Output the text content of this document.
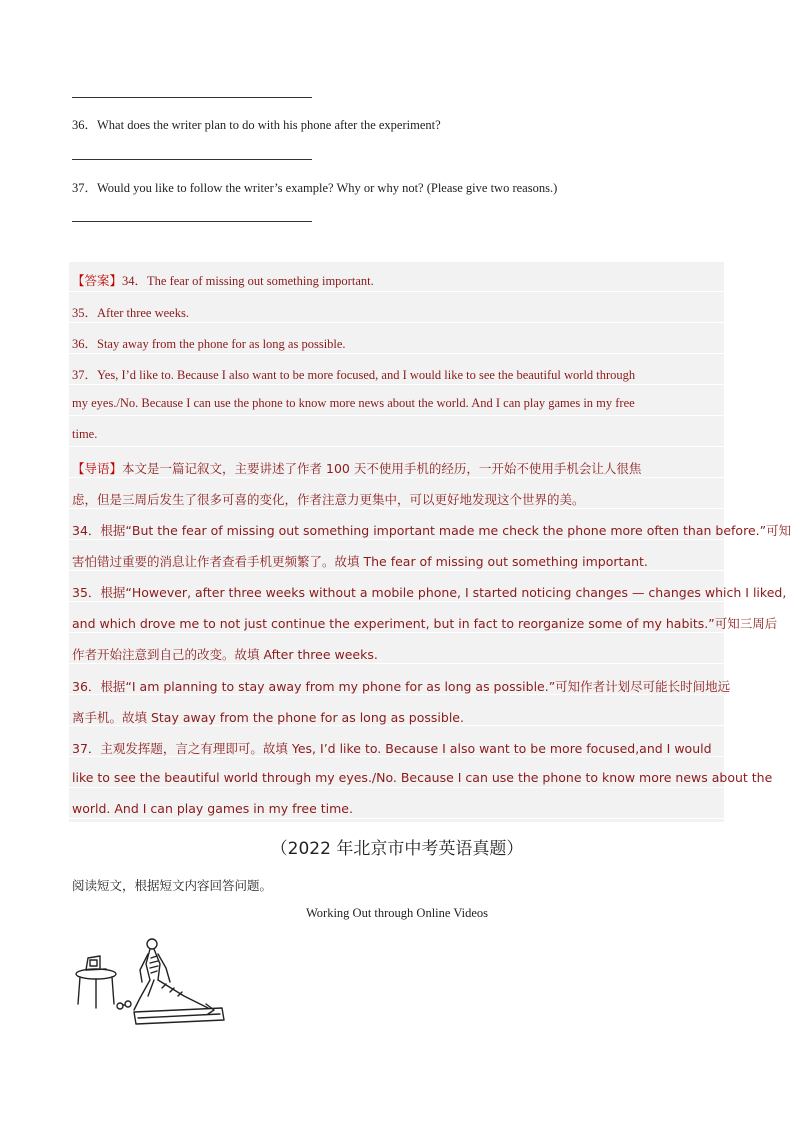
36．What does the writer plan to do with his phone after the experiment?
37．Would you like to follow the writer’s example? Why or why not? (Please give two reasons.)
【答案】34．The fear of missing out something important.
35．After three weeks.
36．Stay away from the phone for as long as possible.
37．Yes, I’d like to. Because I also want to be more focused, and I would like to see the beautiful world through
my eyes./No. Because I can use the phone to know more news about the world. And I can play games in my free
time.
【导语】本文是一篇记叙文，主要讲述了作者 100 天不使用手机的经历，一开始不使用手机会让人很焦
虑，但是三周后发生了很多可喜的变化，作者注意力更集中，可以更好地发现这个世界的美。
34．根据“But the fear of missing out something important made me check the phone more often than before.”可知
害怕错过重要的消息让作者查看手机更频繁了。故填 The fear of missing out something important.
35．根据“However, after three weeks without a mobile phone, I started noticing changes — changes which I liked,
and which drove me to not just continue the experiment, but in fact to reorganize some of my habits.”可知三周后
作者开始注意到自己的改变。故填 After three weeks.
36．根据“I am planning to stay away from my phone for as long as possible.”可知作者计划尽可能长时间地远
离手机。故填 Stay away from the phone for as long as possible.
37．主观发挥题，言之有理即可。故填 Yes, I’d like to. Because I also want to be more focused,and I would
like to see the beautiful world through my eyes./No. Because I can use the phone to know more news about the
world. And I can play games in my free time.
（2022 年北京市中考英语真题）
阅读短文，根据短文内容回答问题。
Working Out through Online Videos
